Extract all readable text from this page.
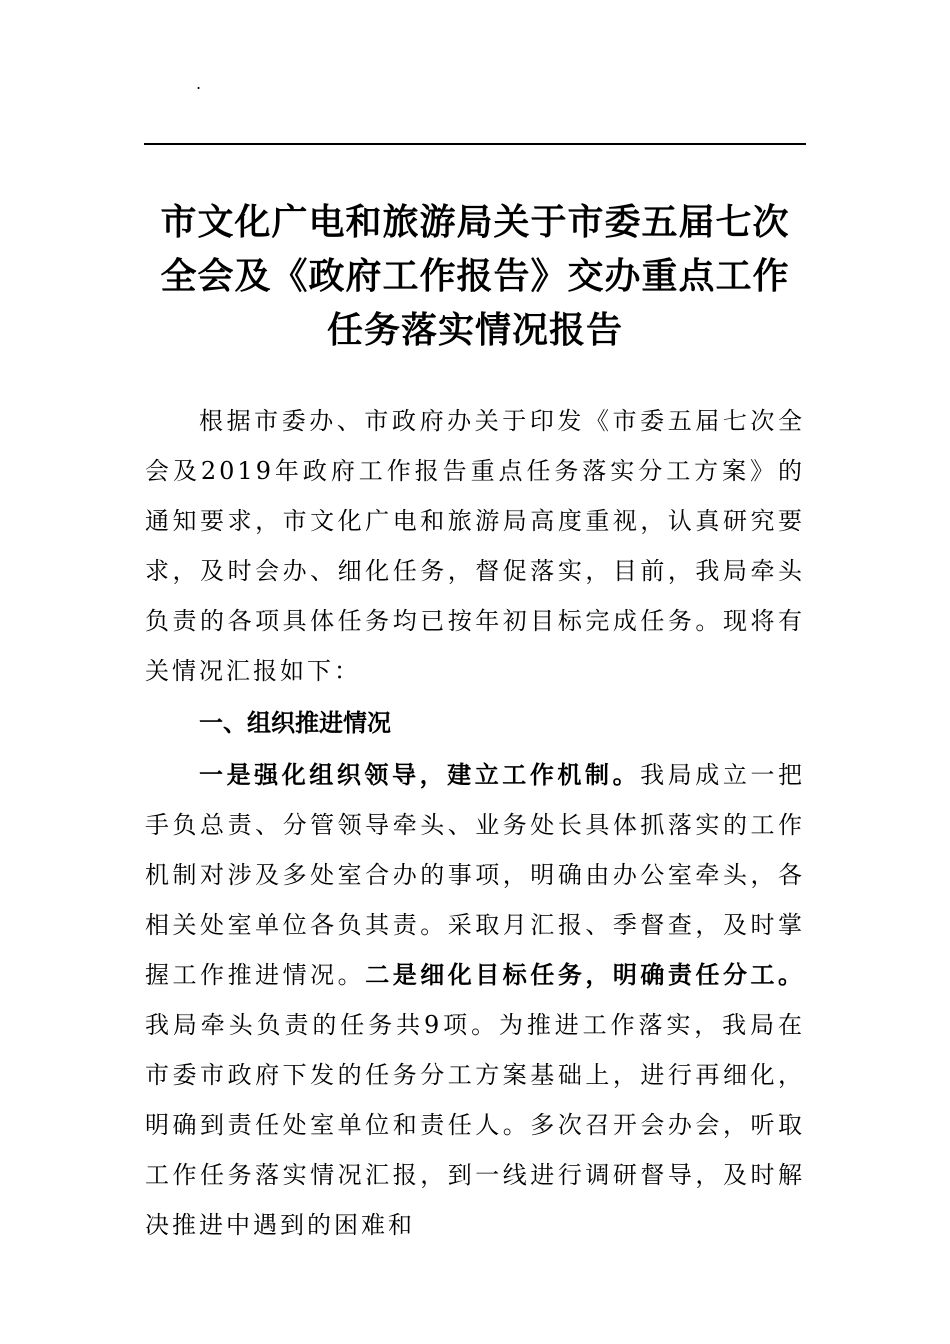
.
市文化广电和旅游局关于市委五届七次全会及《政府工作报告》交办重点工作任务落实情况报告

根据市委办、市政府办关于印发《市委五届七次全会及2019年政府工作报告重点任务落实分工方案》的通知要求，市文化广电和旅游局高度重视，认真研究要求，及时会办、细化任务，督促落实，目前，我局牵头负责的各项具体任务均已按年初目标完成任务。现将有关情况汇报如下：

一、组织推进情况

一是强化组织领导，建立工作机制。我局成立一把手负总责、分管领导牵头、业务处长具体抓落实的工作机制对涉及多处室合办的事项，明确由办公室牵头，各相关处室单位各负其责。采取月汇报、季督查，及时掌握工作推进情况。二是细化目标任务，明确责任分工。我局牵头负责的任务共9项。为推进工作落实，我局在市委市政府下发的任务分工方案基础上，进行再细化，明确到责任处室单位和责任人。多次召开会办会，听取工作任务落实情况汇报，到一线进行调研督导，及时解决推进中遇到的困难和
